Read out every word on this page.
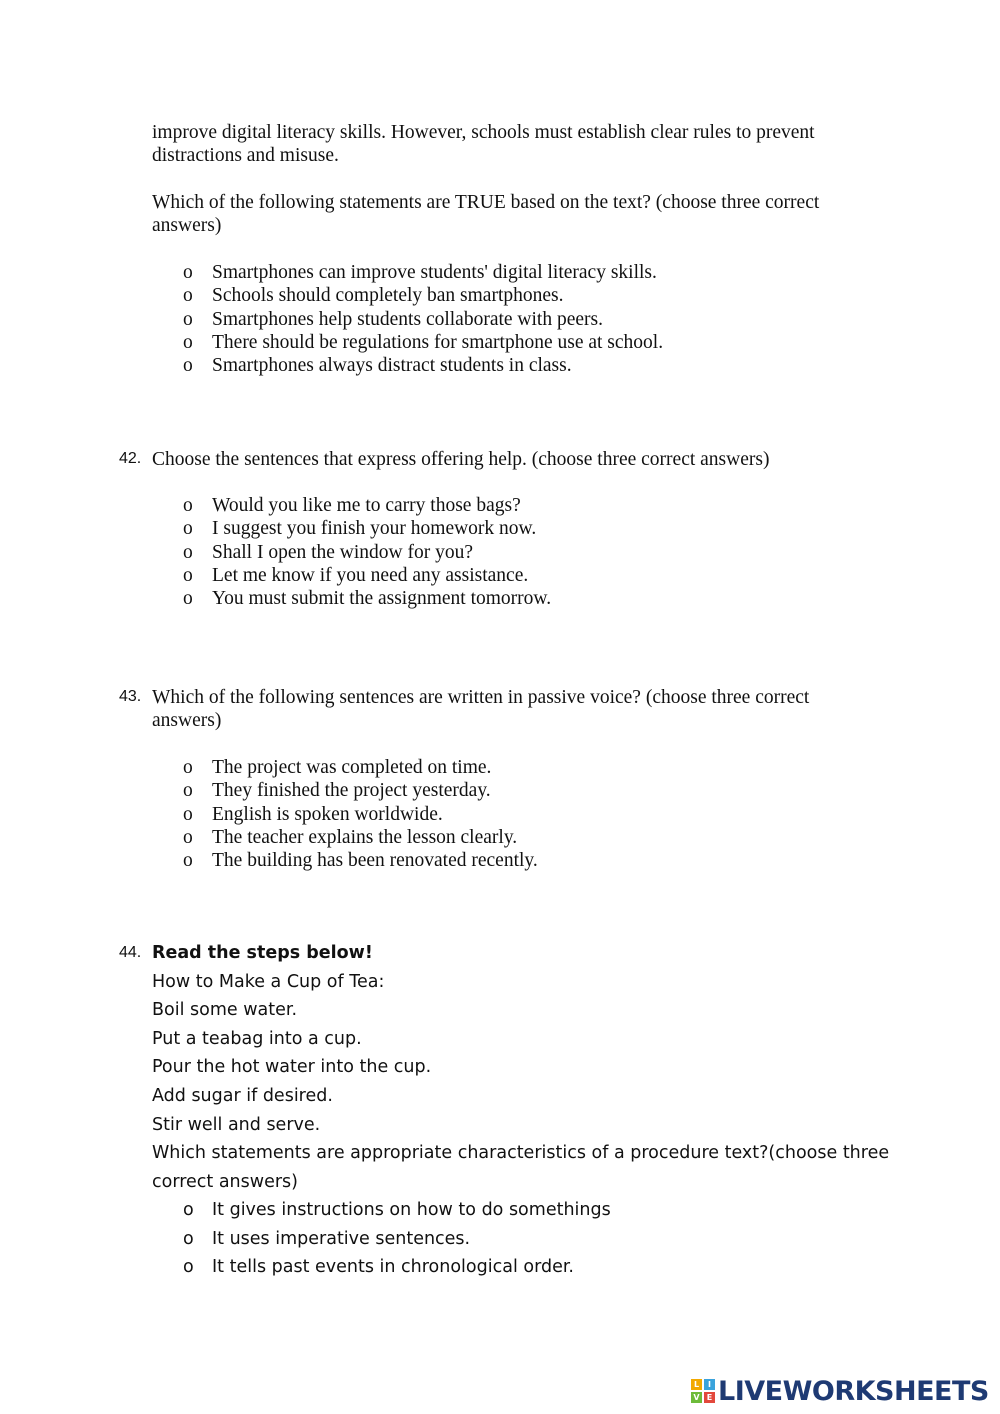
improve digital literacy skills. However, schools must establish clear rules to prevent
distractions and misuse.
Which of the following statements are TRUE based on the text? (choose three correct
answers)
o Smartphones can improve students' digital literacy skills.
o Schools should completely ban smartphones.
o Smartphones help students collaborate with peers.
o There should be regulations for smartphone use at school.
o Smartphones always distract students in class.
42. Choose the sentences that express offering help. (choose three correct answers)
o Would you like me to carry those bags?
o I suggest you finish your homework now.
o Shall I open the window for you?
o Let me know if you need any assistance.
o You must submit the assignment tomorrow.
43. Which of the following sentences are written in passive voice? (choose three correct
answers)
o The project was completed on time.
o They finished the project yesterday.
o English is spoken worldwide.
o The teacher explains the lesson clearly.
o The building has been renovated recently.
44. Read the steps below!
How to Make a Cup of Tea:
Boil some water.
Put a teabag into a cup.
Pour the hot water into the cup.
Add sugar if desired.
Stir well and serve.
Which statements are appropriate characteristics of a procedure text?(choose three
correct answers)
o It gives instructions on how to do somethings
o It uses imperative sentences.
o It tells past events in chronological order.
L	I
V E LIVEWORKSHEETS
